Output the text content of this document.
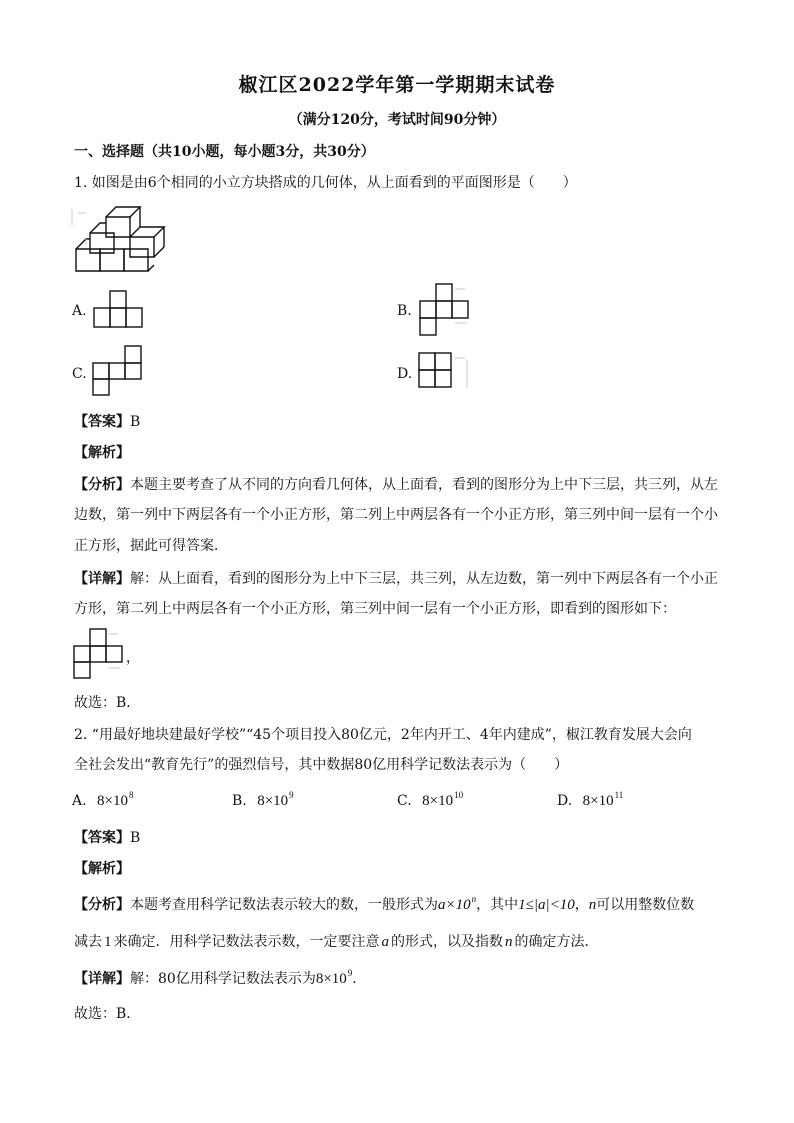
椒江区2022学年第一学期期末试卷
（满分120分，考试时间90分钟）
一、选择题（共10小题，每小题3分，共30分）
1. 如图是由6个相同的小立方块搭成的几何体，从上面看到的平面图形是（　　）
A.	B.
C.	D.
【答案】B
【解析】
【分析】本题主要考查了从不同的方向看几何体，从上面看，看到的图形分为上中下三层，共三列，从左
边数，第一列中下两层各有一个小正方形，第二列上中两层各有一个小正方形，第三列中间一层有一个小
正方形，据此可得答案．
【详解】解：从上面看，看到的图形分为上中下三层，共三列，从左边数，第一列中下两层各有一个小正
方形，第二列上中两层各有一个小正方形，第三列中间一层有一个小正方形，即看到的图形如下：
，
故选：B．
2. “用最好地块建最好学校”“45个项目投入80亿元，2年内开工、4年内建成”，椒江教育发展大会向
全社会发出“教育先行”的强烈信号，其中数据80亿用科学记数法表示为（　　）
A. $8\times 10^8$	B. $8\times 10^9$	C. $8\times 10^{10}$	D. $8\times 10^{11}$
【答案】B
【解析】
【分析】本题考查用科学记数法表示较大的数，一般形式为$a\times 10^n$，其中1≤|a|<10，n可以用整数位数
减去 1 来确定．用科学记数法表示数，一定要注意 a 的形式，以及指数 n 的确定方法．
【详解】解：80亿用科学记数法表示为$8\times 10^9$．
故选：B．
